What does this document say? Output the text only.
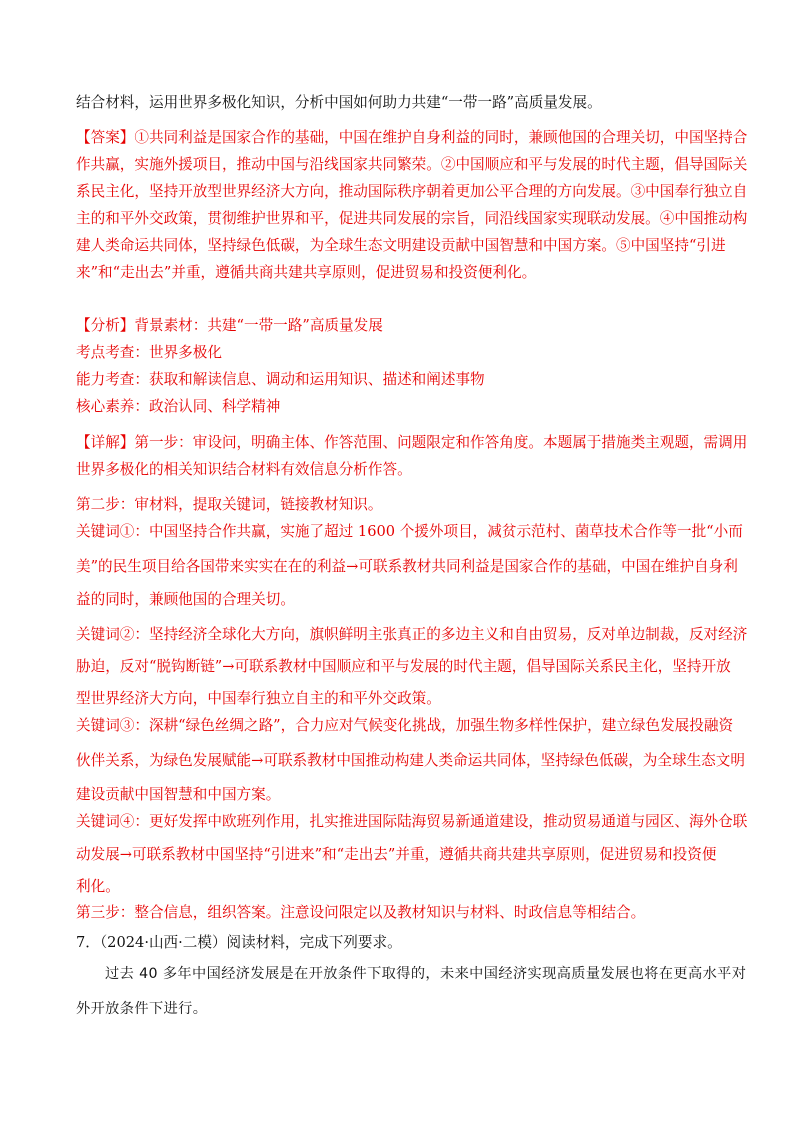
结合材料，运用世界多极化知识，分析中国如何助力共建“一带一路”高质量发展。
【答案】①共同利益是国家合作的基础，中国在维护自身利益的同时，兼顾他国的合理关切，中国坚持合
作共赢，实施外援项目，推动中国与沿线国家共同繁荣。②中国顺应和平与发展的时代主题，倡导国际关
系民主化，坚持开放型世界经济大方向，推动国际秩序朝着更加公平合理的方向发展。③中国奉行独立自
主的和平外交政策，贯彻维护世界和平，促进共同发展的宗旨，同沿线国家实现联动发展。④中国推动构
建人类命运共同体，坚持绿色低碳，为全球生态文明建设贡献中国智慧和中国方案。⑤中国坚持“引进
来”和“走出去”并重，遵循共商共建共享原则，促进贸易和投资便利化。
【分析】背景素材：共建“一带一路”高质量发展
考点考查：世界多极化
能力考查：获取和解读信息、调动和运用知识、描述和阐述事物
核心素养：政治认同、科学精神
【详解】第一步：审设问，明确主体、作答范围、问题限定和作答角度。本题属于措施类主观题，需调用
世界多极化的相关知识结合材料有效信息分析作答。
第二步：审材料，提取关键词，链接教材知识。
关键词①：中国坚持合作共赢，实施了超过 1600 个援外项目，减贫示范村、菌草技术合作等一批“小而
美”的民生项目给各国带来实实在在的利益→可联系教材共同利益是国家合作的基础，中国在维护自身利
益的同时，兼顾他国的合理关切。
关键词②：坚持经济全球化大方向，旗帜鲜明主张真正的多边主义和自由贸易，反对单边制裁，反对经济
胁迫，反对“脱钩断链”→可联系教材中国顺应和平与发展的时代主题，倡导国际关系民主化，坚持开放
型世界经济大方向，中国奉行独立自主的和平外交政策。
关键词③：深耕“绿色丝绸之路”，合力应对气候变化挑战，加强生物多样性保护，建立绿色发展投融资
伙伴关系，为绿色发展赋能→可联系教材中国推动构建人类命运共同体，坚持绿色低碳，为全球生态文明
建设贡献中国智慧和中国方案。
关键词④：更好发挥中欧班列作用，扎实推进国际陆海贸易新通道建设，推动贸易通道与园区、海外仓联
动发展→可联系教材中国坚持“引进来”和“走出去”并重，遵循共商共建共享原则，促进贸易和投资便
利化。
第三步：整合信息，组织答案。注意设问限定以及教材知识与材料、时政信息等相结合。
7．（2024·山西·二模）阅读材料，完成下列要求。
过去 40 多年中国经济发展是在开放条件下取得的，未来中国经济实现高质量发展也将在更高水平对
外开放条件下进行。
